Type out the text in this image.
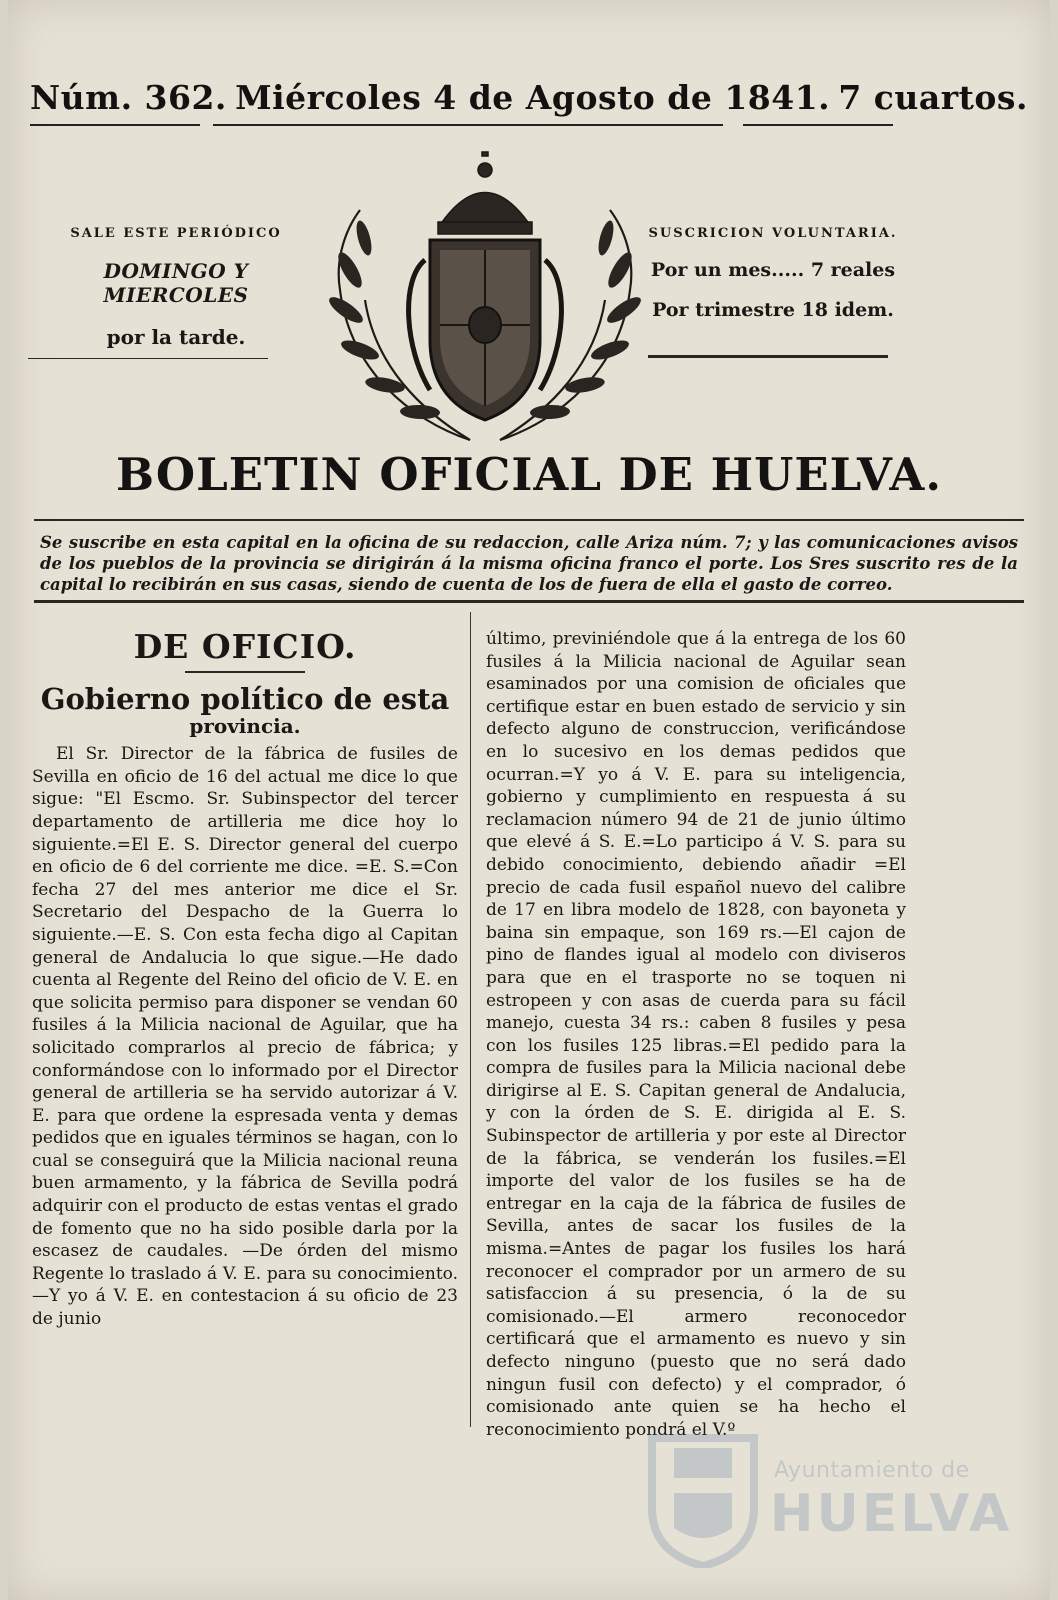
Núm. 362. Miércoles 4 de Agosto de 1841. 7 cuartos.
SALE ESTE PERIÓDICO
DOMINGO Y MIERCOLES
por la tarde.
SUSCRICION VOLUNTARIA.
Por un mes..... 7 reales
Por trimestre 18 idem.
BOLETIN OFICIAL DE HUELVA.
Se suscribe en esta capital en la oficina de su redaccion, calle Ariza núm. 7; y las comunicaciones avisos de los pueblos de la provincia se dirigirán á la misma oficina franco el porte. Los Sres suscrito res de la capital lo recibirán en sus casas, siendo de cuenta de los de fuera de ella el gasto de correo.
DE OFICIO.
Gobierno político de esta
provincia.

El Sr. Director de la fábrica de fusiles de Sevilla en oficio de 16 del actual me dice lo que sigue: "El Escmo. Sr. Subinspector del tercer departamento de artilleria me dice hoy lo siguiente.=El E. S. Director general del cuerpo en oficio de 6 del corriente me dice. =E. S.=Con fecha 27 del mes anterior me dice el Sr. Secretario del Despacho de la Guerra lo siguiente.—E. S. Con esta fecha digo al Capitan general de Andalucia lo que sigue.—He dado cuenta al Regente del Reino del oficio de V. E. en que solicita permiso para disponer se vendan 60 fusiles á la Milicia nacional de Aguilar, que ha solicitado comprarlos al precio de fábrica; y conformándose con lo informado por el Director general de artilleria se ha servido autorizar á V. E. para que ordene la espresada venta y demas pedidos que en iguales términos se hagan, con lo cual se conseguirá que la Milicia nacional reuna buen armamento, y la fábrica de Sevilla podrá adquirir con el producto de estas ventas el grado de fomento que no ha sido posible darla por la escasez de caudales. —De órden del mismo Regente lo traslado á V. E. para su conocimiento.—Y yo á V. E. en contestacion á su oficio de 23 de junio

último, previniéndole que á la entrega de los 60 fusiles á la Milicia nacional de Aguilar sean esaminados por una comision de oficiales que certifique estar en buen estado de servicio y sin defecto alguno de construccion, verificándose en lo sucesivo en los demas pedidos que ocurran.=Y yo á V. E. para su inteligencia, gobierno y cumplimiento en respuesta á su reclamacion número 94 de 21 de junio último que elevé á S. E.=Lo participo á V. S. para su debido conocimiento, debiendo añadir =El precio de cada fusil español nuevo del calibre de 17 en libra modelo de 1828, con bayoneta y baina sin empaque, son 169 rs.—El cajon de pino de flandes igual al modelo con diviseros para que en el trasporte no se toquen ni estropeen y con asas de cuerda para su fácil manejo, cuesta 34 rs.: caben 8 fusiles y pesa con los fusiles 125 libras.=El pedido para la compra de fusiles para la Milicia nacional debe dirigirse al E. S. Capitan general de Andalucia, y con la órden de S. E. dirigida al E. S. Subinspector de artilleria y por este al Director de la fábrica, se venderán los fusiles.=El importe del valor de los fusiles se ha de entregar en la caja de la fábrica de fusiles de Sevilla, antes de sacar los fusiles de la misma.=Antes de pagar los fusiles los hará reconocer el comprador por un armero de su satisfaccion á su presencia, ó la de su comisionado.—El armero reconocedor certificará que el armamento es nuevo y sin defecto ninguno (puesto que no será dado ningun fusil con defecto) y el comprador, ó comisionado ante quien se ha hecho el reconocimiento pondrá el V.º

Ayuntamiento de
HUELVA
